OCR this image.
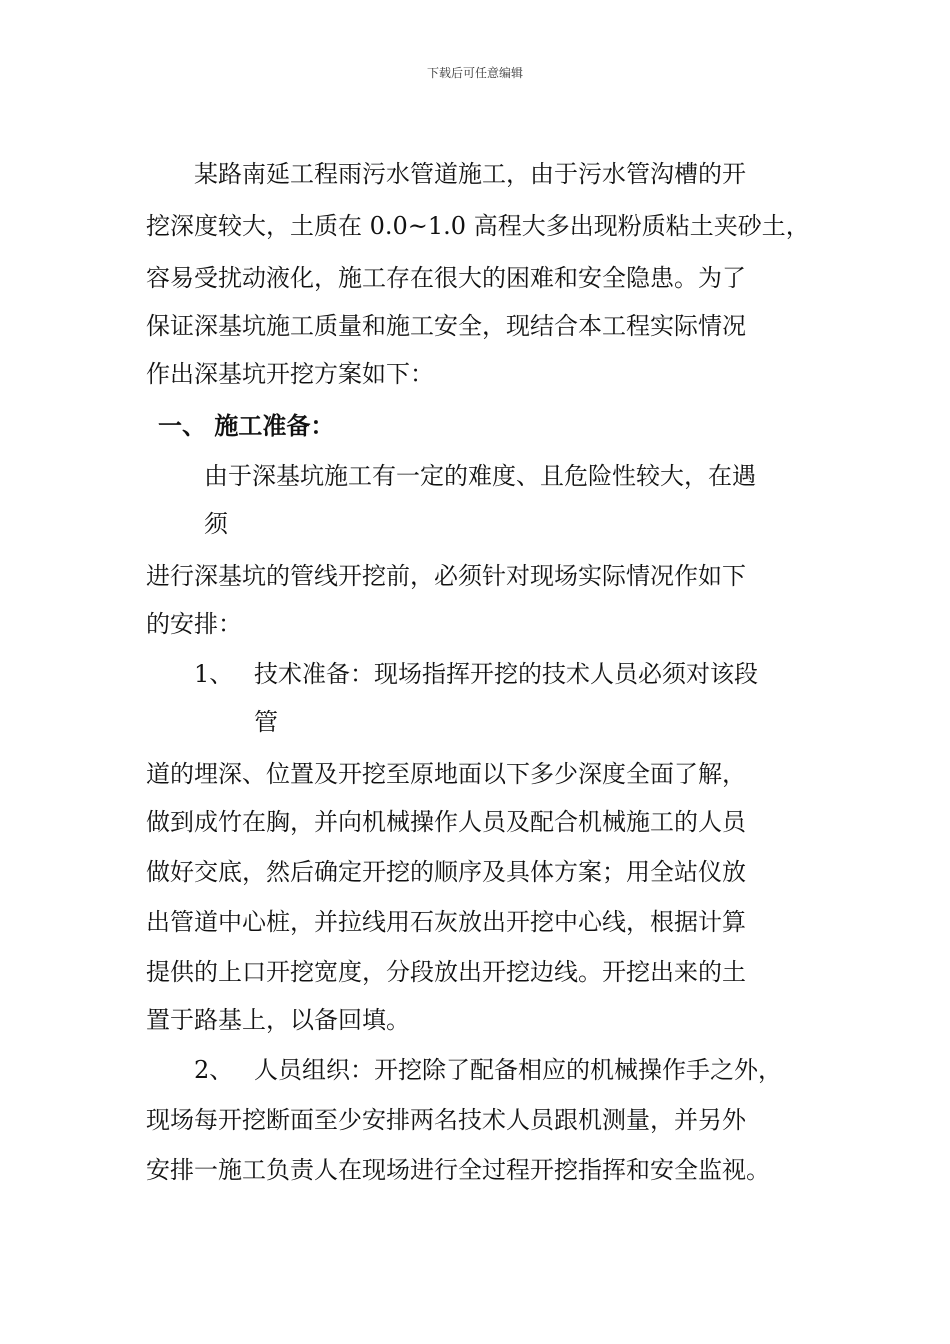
下载后可任意编辑
某路南延工程雨污水管道施工，由于污水管沟槽的开
挖深度较大，土质在 0.0~1.0 高程大多出现粉质粘土夹砂土，
容易受扰动液化，施工存在很大的困难和安全隐患。为了
保证深基坑施工质量和施工安全，现结合本工程实际情况
作出深基坑开挖方案如下：
一、 施工准备：
由于深基坑施工有一定的难度、且危险性较大，在遇
须
进行深基坑的管线开挖前，必须针对现场实际情况作如下
的安排：
1、 技术准备：现场指挥开挖的技术人员必须对该段
管
道的埋深、位置及开挖至原地面以下多少深度全面了解，
做到成竹在胸，并向机械操作人员及配合机械施工的人员
做好交底，然后确定开挖的顺序及具体方案；用全站仪放
出管道中心桩，并拉线用石灰放出开挖中心线，根据计算
提供的上口开挖宽度，分段放出开挖边线。开挖出来的土
置于路基上，以备回填。
2、 人员组织：开挖除了配备相应的机械操作手之外，
现场每开挖断面至少安排两名技术人员跟机测量，并另外
安排一施工负责人在现场进行全过程开挖指挥和安全监视。
